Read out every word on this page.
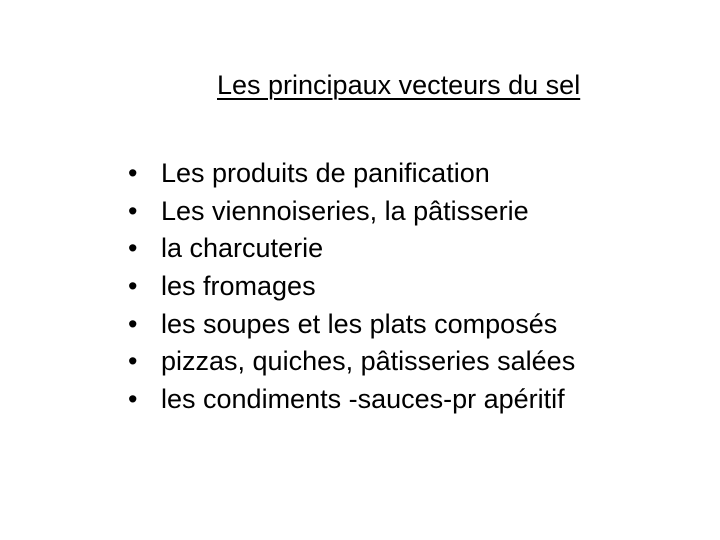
Les principaux vecteurs du sel
• Les produits de panification
• Les viennoiseries, la pâtisserie
• la charcuterie
• les fromages
• les soupes et les plats composés
• pizzas, quiches, pâtisseries salées
• les condiments -sauces-pr apéritif
